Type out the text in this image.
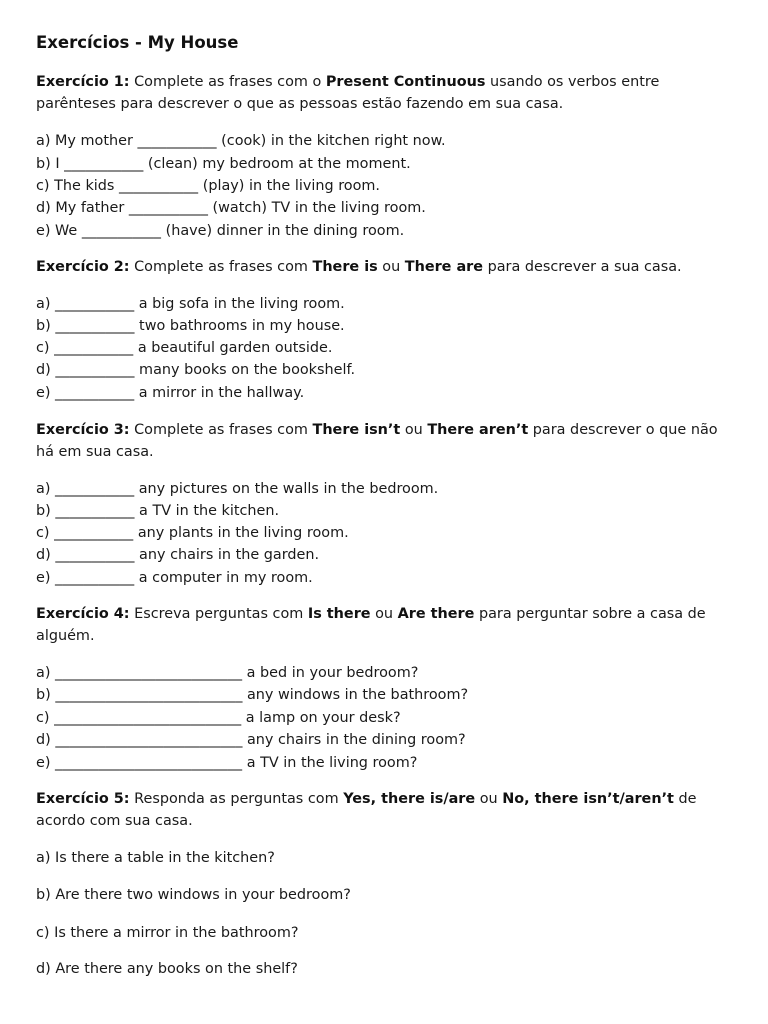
Exercícios - My House

Exercício 1: Complete as frases com o Present Continuous usando os verbos entre parênteses para descrever o que as pessoas estão fazendo em sua casa.

a) My mother ___________ (cook) in the kitchen right now.

b) I ___________ (clean) my bedroom at the moment.

c) The kids ___________ (play) in the living room.

d) My father ___________ (watch) TV in the living room.

e) We ___________ (have) dinner in the dining room.

Exercício 2: Complete as frases com There is ou There are para descrever a sua casa.

a) ___________ a big sofa in the living room.

b) ___________ two bathrooms in my house.

c) ___________ a beautiful garden outside.

d) ___________ many books on the bookshelf.

e) ___________ a mirror in the hallway.

Exercício 3: Complete as frases com There isn’t ou There aren’t para descrever o que não há em sua casa.

a) ___________ any pictures on the walls in the bedroom.

b) ___________ a TV in the kitchen.

c) ___________ any plants in the living room.

d) ___________ any chairs in the garden.

e) ___________ a computer in my room.

Exercício 4: Escreva perguntas com Is there ou Are there para perguntar sobre a casa de alguém.

a) __________________________ a bed in your bedroom?

b) __________________________ any windows in the bathroom?

c) __________________________ a lamp on your desk?

d) __________________________ any chairs in the dining room?

e) __________________________ a TV in the living room?

Exercício 5: Responda as perguntas com Yes, there is/are ou No, there isn’t/aren’t de acordo com sua casa.

a) Is there a table in the kitchen?

b) Are there two windows in your bedroom?

c) Is there a mirror in the bathroom?

d) Are there any books on the shelf?
